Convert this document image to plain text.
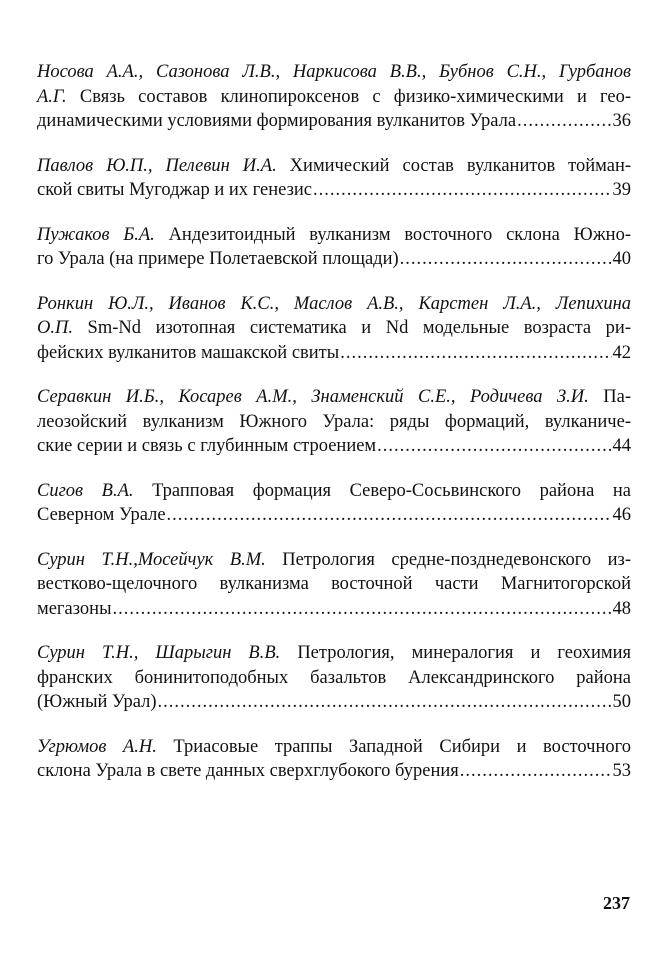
Носова А.А., Сазонова Л.В., Наркисова В.В., Бубнов С.Н., Гурбанов
А.Г. Связь составов клинопироксенов с физико-химическими и гео-
динамическими условиями формирования вулканитов Урала .....	36
Павлов Ю.П., Пелевин И.А. Химический состав вулканитов тойман-
ской свиты Мугоджар и их генезис .....	39
Пужаков Б.А. Андезитоидный вулканизм восточного склона Южно-
го Урала (на примере Полетаевской площади) .....	40
Ронкин Ю.Л., Иванов К.С., Маслов А.В., Карстен Л.А., Лепихина
О.П. Sm-Nd изотопная систематика и Nd модельные возраста ри-
фейских вулканитов машакской свиты .....	42
Серавкин И.Б., Косарев А.М., Знаменский С.Е., Родичева З.И. Па-
леозойский вулканизм Южного Урала: ряды формаций, вулканиче-
ские серии и связь с глубинным строением .....	44
Сигов В.А. Трапповая формация Северо-Сосьвинского района на
Северном Урале .....	46
Сурин Т.Н.,Мосейчук В.М. Петрология средне-позднедевонского из-
вестково-щелочного вулканизма восточной части Магнитогорской
мегазоны .....	48
Сурин Т.Н., Шарыгин В.В. Петрология, минералогия и геохимия
франских бонинитоподобных базальтов Александринского района
(Южный Урал) .....	50
Угрюмов А.Н. Триасовые траппы Западной Сибири и восточного
склона Урала в свете данных сверхглубокого бурения .....	53
237
